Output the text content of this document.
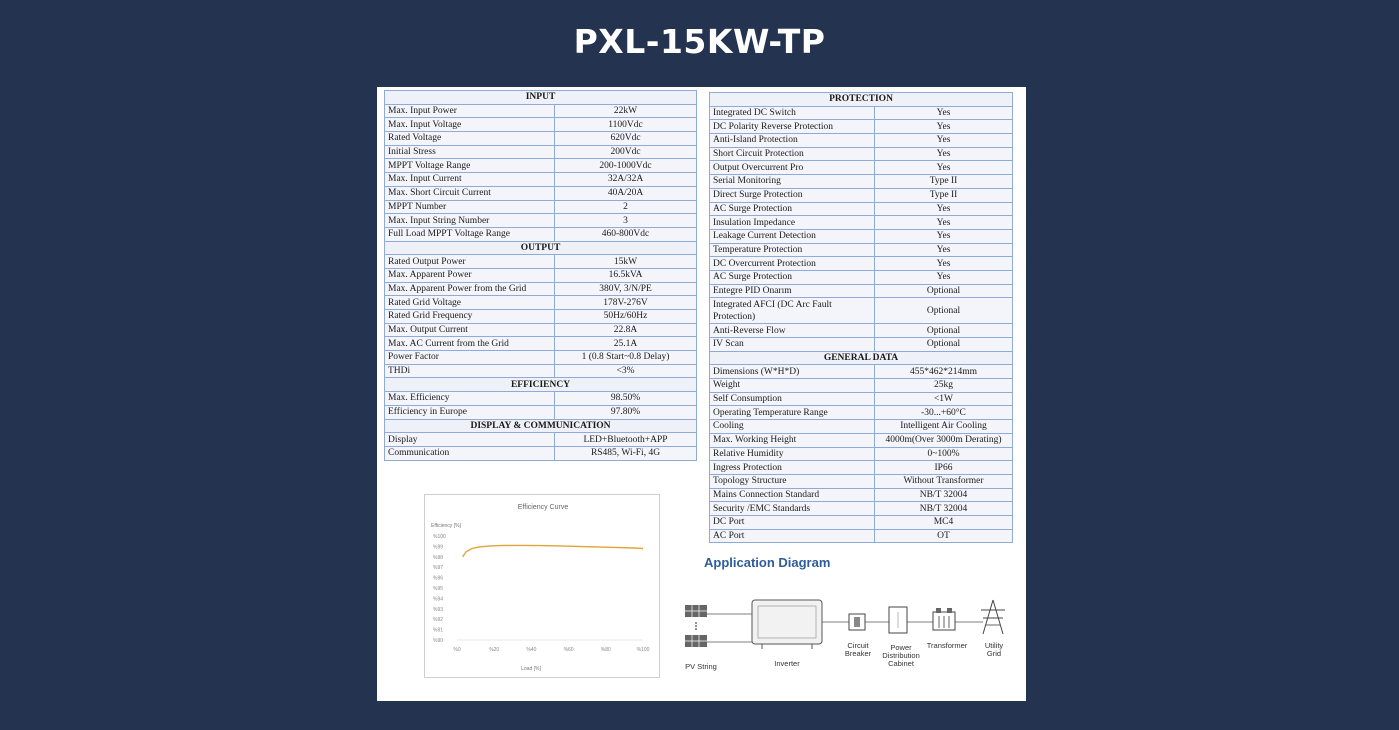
PXL-15KW-TP
INPUT	
Max. Input Power	22kW
Max. Input Voltage	1100Vdc
Rated Voltage	620Vdc
Initial Stress	200Vdc
MPPT Voltage Range	200-1000Vdc
Max. Input Current	32A/32A
Max. Short Circuit Current	40A/20A
MPPT Number	2
Max. Input String Number	3
Full Load MPPT Voltage Range	460-800Vdc
OUTPUT	
Rated Output Power	15kW
Max. Apparent Power	16.5kVA
Max. Apparent Power from the Grid	380V, 3/N/PE
Rated Grid Voltage	178V-276V
Rated Grid Frequency	50Hz/60Hz
Max. Output Current	22.8A
Max. AC Current from the Grid	25.1A
Power Factor	1 (0.8 Start~0.8 Delay)
THDi	<3%
EFFICIENCY	
Max. Efficiency	98.50%
Efficiency in Europe	97.80%
DISPLAY & COMMUNICATION	
Display	LED+Bluetooth+APP
Communication	RS485, Wi-Fi, 4G
PROTECTION	
Integrated DC Switch	Yes
DC Polarity Reverse Protection	Yes
Anti-Island Protection	Yes
Short Circuit Protection	Yes
Output Overcurrent Pro	Yes
Serial Monitoring	Type II
Direct Surge Protection	Type II
AC Surge Protection	Yes
Insulation Impedance	Yes
Leakage Current Detection	Yes
Temperature Protection	Yes
DC Overcurrent Protection	Yes
AC Surge Protection	Yes
Entegre PID Onarım	Optional
Integrated AFCI (DC Arc Fault Protection)	Optional
Anti-Reverse Flow	Optional
IV Scan	Optional
GENERAL DATA	
Dimensions (W*H*D)	455*462*214mm
Weight	25kg
Self Consumption	<1W
Operating Temperature Range	-30...+60°C
Cooling	Intelligent Air Cooling
Max. Working Height	4000m(Over 3000m Derating)
Relative Humidity	0~100%
Ingress Protection	IP66
Topology Structure	Without Transformer
Mains Connection Standard	NB/T 32004
Security /EMC Standards	NB/T 32004
DC Port	MC4
AC Port	OT
Efficiency Curve
Efficiency [%]
Load [%]
%90
%91
%92
%93
%94
%95
%96
%97
%98
%99
%100
%0	%20	%40	%60	%80	%100
Application Diagram
PV String	Inverter
Circuit Breaker
Power Distribution Cabinet
Transformer	Utility Grid
